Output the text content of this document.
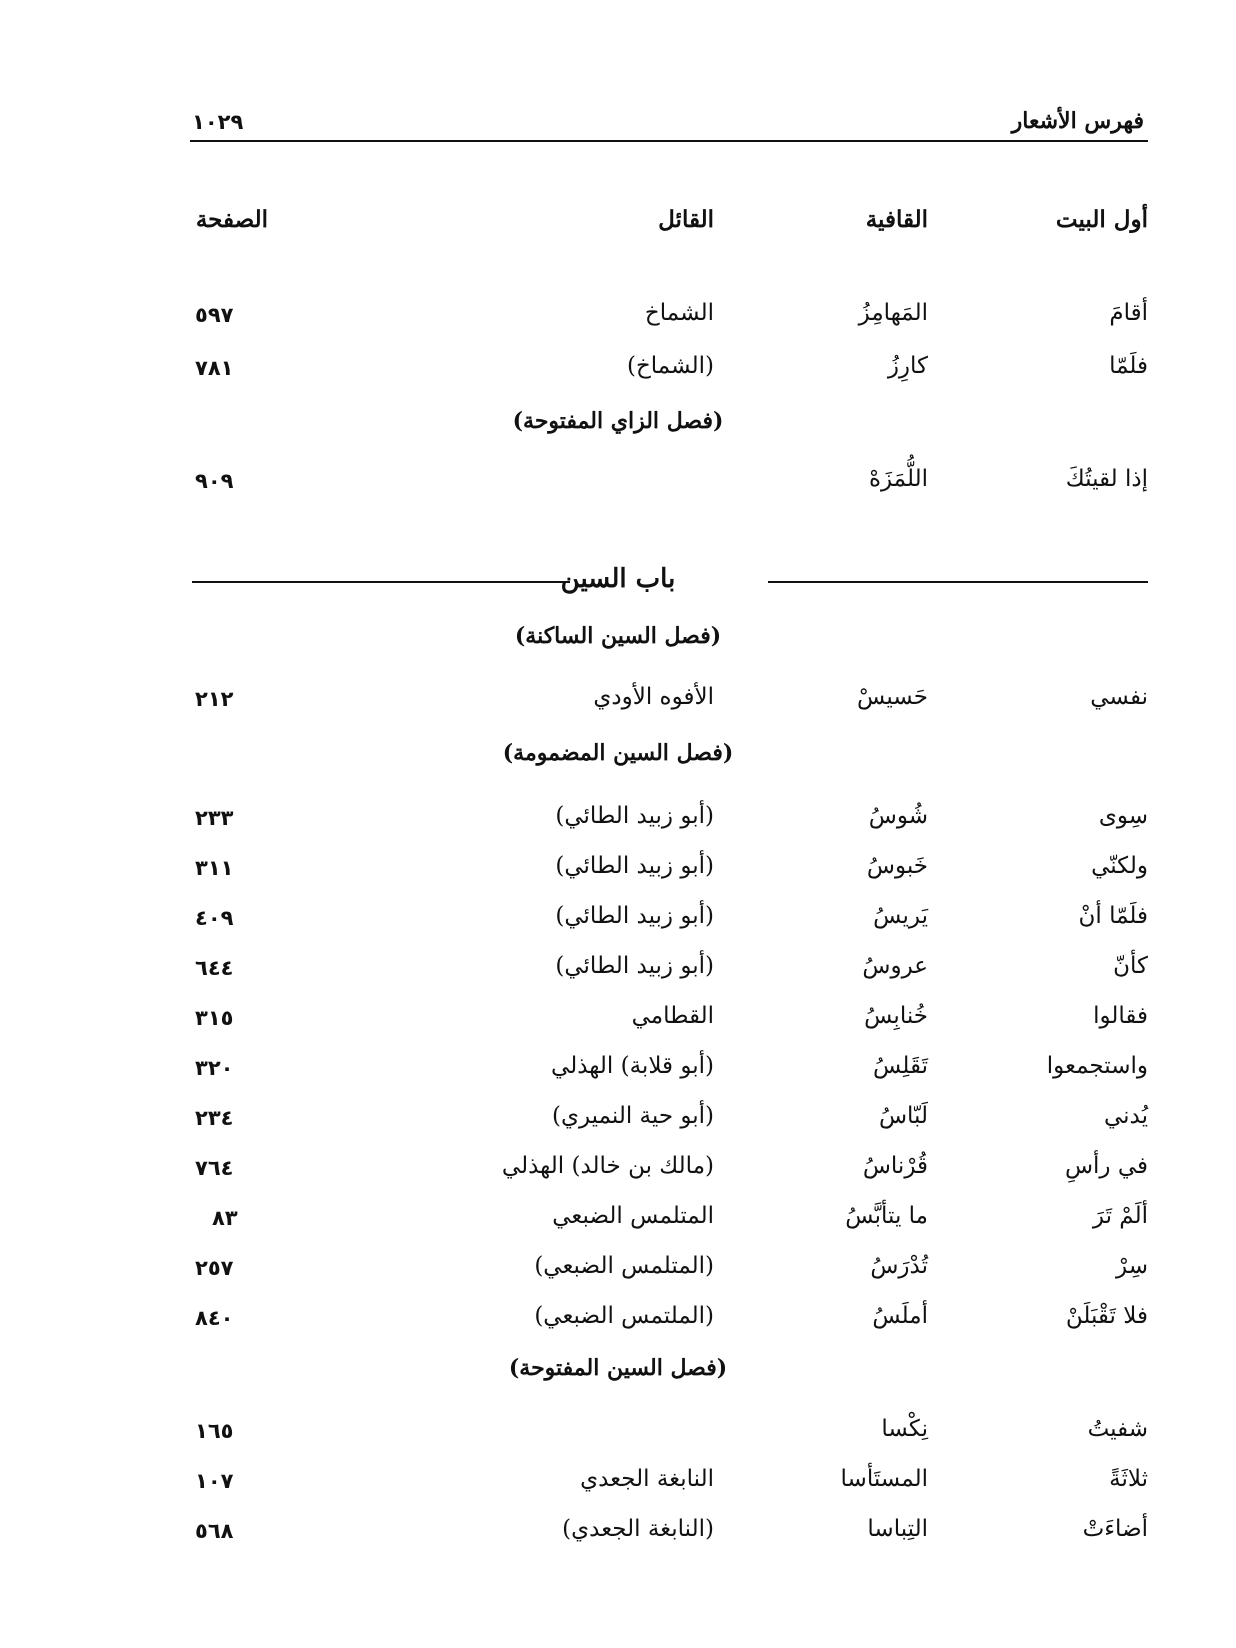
فهرس الأشعار
١٠٢٩
أول البيت
القافية
القائل
الصفحة
أقامَ
المَهامِزُ
الشماخ
٥٩٧
فلَمّا
كارِزُ
(الشماخ)
٧٨١
(فصل الزاي المفتوحة)
إذا لقيتُكَ
اللُّمَزَهْ
٩٠٩
باب السين
(فصل السين الساكنة)
نفسي
حَسيسْ
الأفوه الأودي
٢١٢
(فصل السين المضمومة)
سِوى
شُوسُ
(أبو زبيد الطائي)
٢٣٣
ولكنّي
خَبوسُ
(أبو زبيد الطائي)
٣١١
فلَمّا أنْ
يَريسُ
(أبو زبيد الطائي)
٤٠٩
كأنّ
عروسُ
(أبو زبيد الطائي)
٦٤٤
فقالوا
خُنابِسُ
القطامي
٣١٥
واستجمعوا
تَقَلِسُ
(أبو قلابة) الهذلي
٣٢٠
يُدني
لَبّاسُ
(أبو حية النميري)
٢٣٤
في رأسِ
قُرْناسُ
(مالك بن خالد) الهذلي
٧٦٤
ألَمْ تَرَ
ما يتأبَّسُ
المتلمس الضبعي
٨٣
سِرْ
تُدْرَسُ
(المتلمس الضبعي)
٢٥٧
فلا تَقْبَلَنْ
أملَسُ
(الملتمس الضبعي)
٨٤٠
(فصل السين المفتوحة)
شفيتُ
نِكْسا
١٦٥
ثلاثَةً
المستَأسا
النابغة الجعدي
١٠٧
أضاءَتْ
التِباسا
(النابغة الجعدي)
٥٦٨
